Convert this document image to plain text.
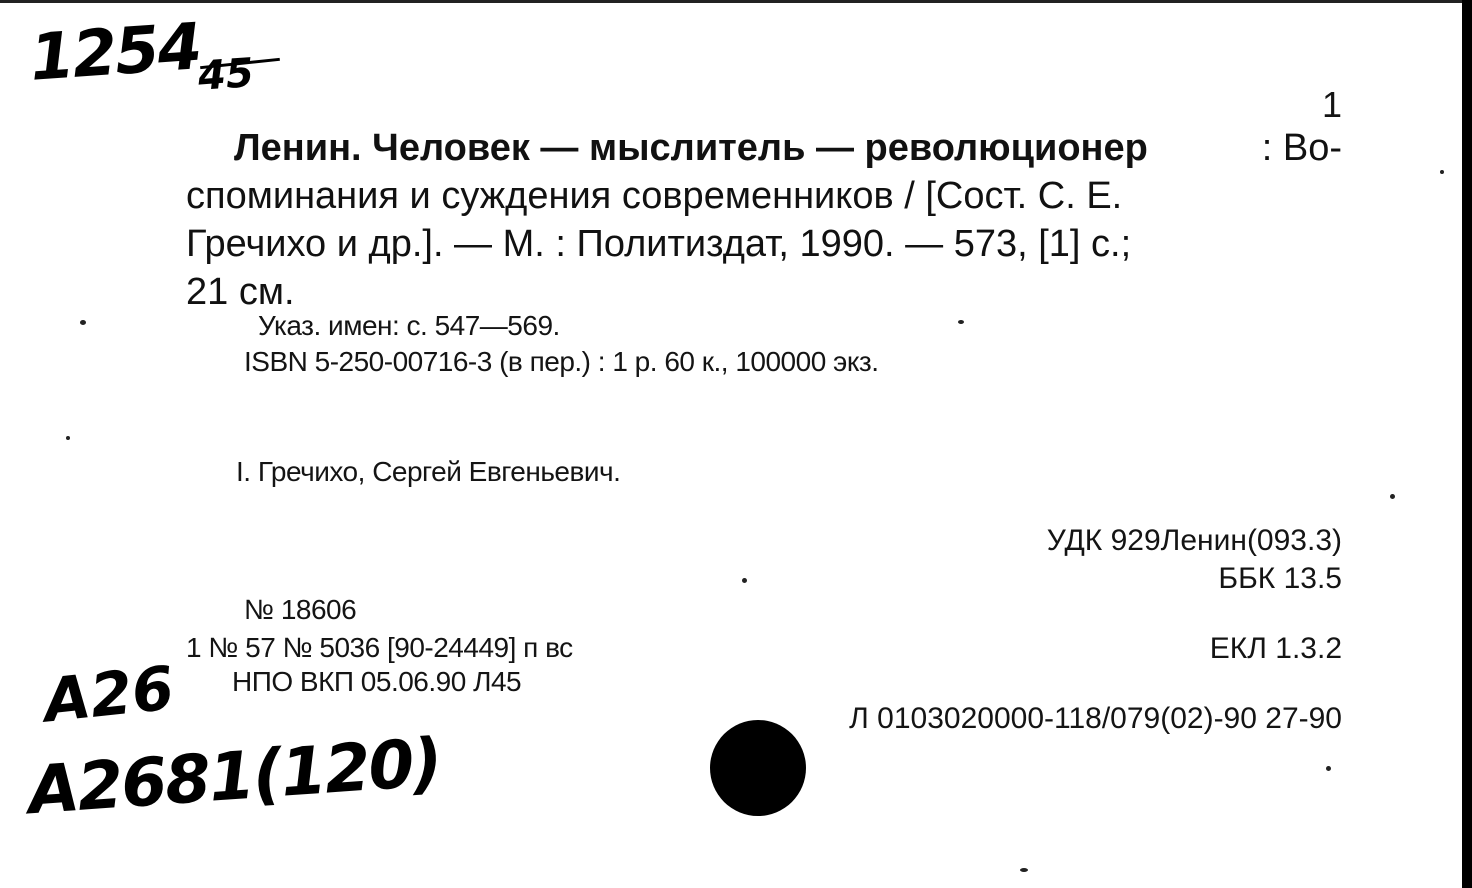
1254
45
1
Ленин. Человек — мыслитель — революционер	: Во-
споминания и суждения современников / [Сост. С. Е.
Гречихо и др.]. — М. : Политиздат, 1990. — 573, [1] с.;
21 см.
Указ. имен: с. 547—569.
ISBN 5-250-00716-3 (в пер.) : 1 р. 60 к., 100000 экз.
I. Гречихо, Сергей Евгеньевич.
УДК 929Ленин(093.3)
ББК 13.5
ЕКЛ 1.3.2
Л 0103020000-118/079(02)-90 27-90
№ 18606
1 № 57 № 5036 [90-24449] п вс
НПО ВКП 05.06.90 Л45
A26
A2681(120)
